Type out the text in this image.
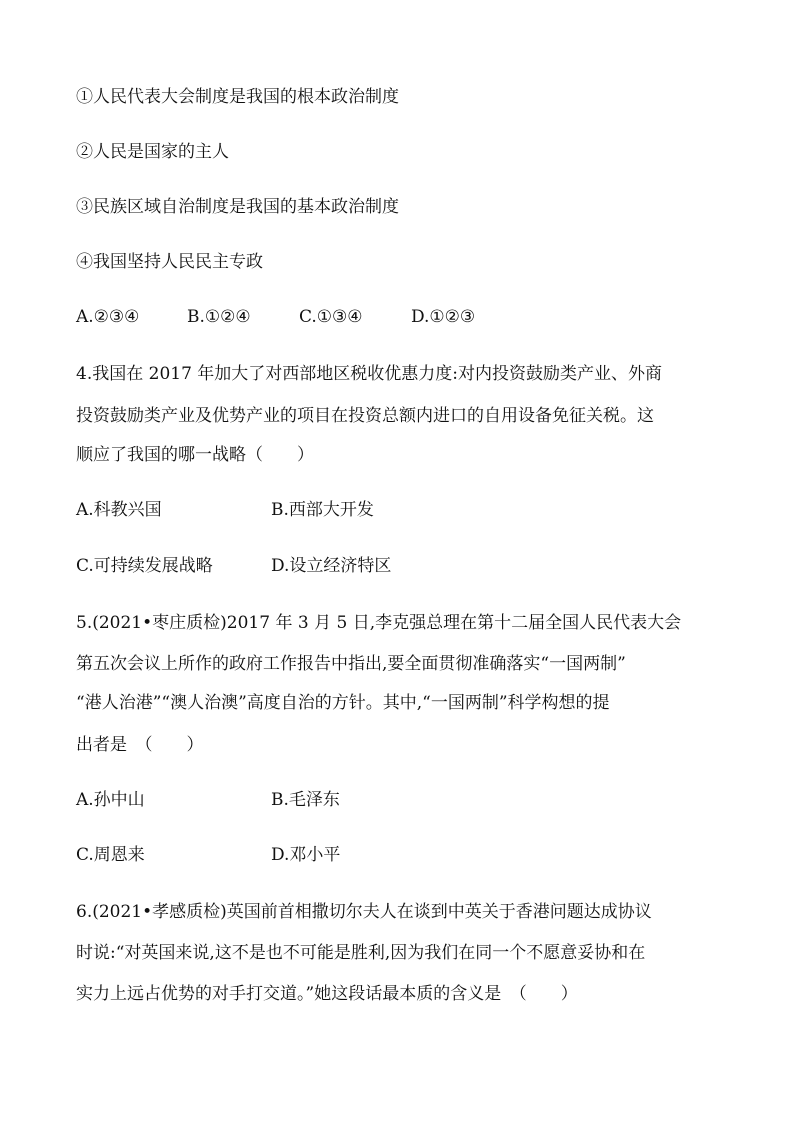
①人民代表大会制度是我国的根本政治制度
②人民是国家的主人
③民族区域自治制度是我国的基本政治制度
④我国坚持人民民主专政
A.②③④	B.①②④	C.①③④	D.①②③
4.我国在 2017 年加大了对西部地区税收优惠力度:对内投资鼓励类产业、外商
投资鼓励类产业及优势产业的项目在投资总额内进口的自用设备免征关税。这
顺应了我国的哪一战略（　　）
A.科教兴国	B.西部大开发
C.可持续发展战略	D.设立经济特区
5.(2021•枣庄质检)2017 年 3 月 5 日,李克强总理在第十二届全国人民代表大会
第五次会议上所作的政府工作报告中指出,要全面贯彻准确落实“一国两制”
“港人治港”“澳人治澳”高度自治的方针。其中,“一国两制”科学构想的提
出者是　（　　）
A.孙中山	B.毛泽东
C.周恩来	D.邓小平
6.(2021•孝感质检)英国前首相撒切尔夫人在谈到中英关于香港问题达成协议
时说:“对英国来说,这不是也不可能是胜利,因为我们在同一个不愿意妥协和在
实力上远占优势的对手打交道。”她这段话最本质的含义是　（　　）
